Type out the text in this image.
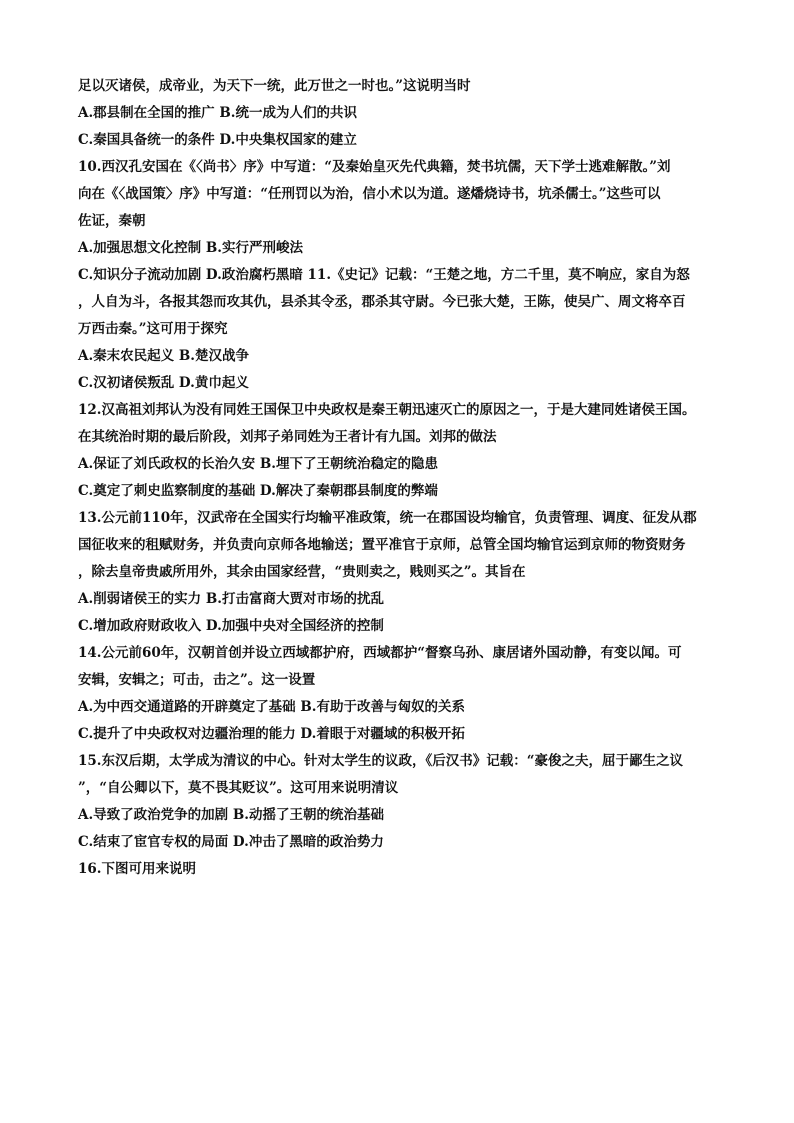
足以灭诸侯，成帝业，为天下一统，此万世之一时也。”这说明当时
A.郡县制在全国的推广 B.统一成为人们的共识
C.秦国具备统一的条件 D.中央集权国家的建立
10.西汉孔安国在《〈尚书〉序》中写道：“及秦始皇灭先代典籍，焚书坑儒，天下学士逃难解散。”刘
向在《〈战国策〉序》中写道：“任刑罚以为治，信小术以为道。遂燔烧诗书，坑杀儒士。”这些可以
佐证，秦朝
A.加强思想文化控制 B.实行严刑峻法
C.知识分子流动加剧 D.政治腐朽黑暗 11.《史记》记载：“王楚之地，方二千里，莫不响应，家自为怒
，人自为斗，各报其怨而攻其仇，县杀其令丞，郡杀其守尉。今已张大楚，王陈，使吴广、周文将卒百
万西击秦。”这可用于探究
A.秦末农民起义 B.楚汉战争
C.汉初诸侯叛乱 D.黄巾起义
12.汉高祖刘邦认为没有同姓王国保卫中央政权是秦王朝迅速灭亡的原因之一，于是大建同姓诸侯王国。
在其统治时期的最后阶段，刘邦子弟同姓为王者计有九国。刘邦的做法
A.保证了刘氏政权的长治久安 B.埋下了王朝统治稳定的隐患
C.奠定了刺史监察制度的基础 D.解决了秦朝郡县制度的弊端
13.公元前110年，汉武帝在全国实行均输平准政策，统一在郡国设均输官，负责管理、调度、征发从郡
国征收来的租赋财务，并负责向京师各地输送；置平准官于京师，总管全国均输官运到京师的物资财务
，除去皇帝贵戚所用外，其余由国家经营，“贵则卖之，贱则买之”。其旨在
A.削弱诸侯王的实力 B.打击富商大贾对市场的扰乱
C.增加政府财政收入 D.加强中央对全国经济的控制
14.公元前60年，汉朝首创并设立西域都护府，西域都护“督察乌孙、康居诸外国动静，有变以闻。可
安辑，安辑之；可击，击之”。这一设置
A.为中西交通道路的开辟奠定了基础 B.有助于改善与匈奴的关系
C.提升了中央政权对边疆治理的能力 D.着眼于对疆域的积极开拓
15.东汉后期，太学成为清议的中心。针对太学生的议政，《后汉书》记载：“豪俊之夫，屈于鄙生之议
”，“自公卿以下，莫不畏其贬议”。这可用来说明清议
A.导致了政治党争的加剧 B.动摇了王朝的统治基础
C.结束了宦官专权的局面 D.冲击了黑暗的政治势力
16.下图可用来说明
